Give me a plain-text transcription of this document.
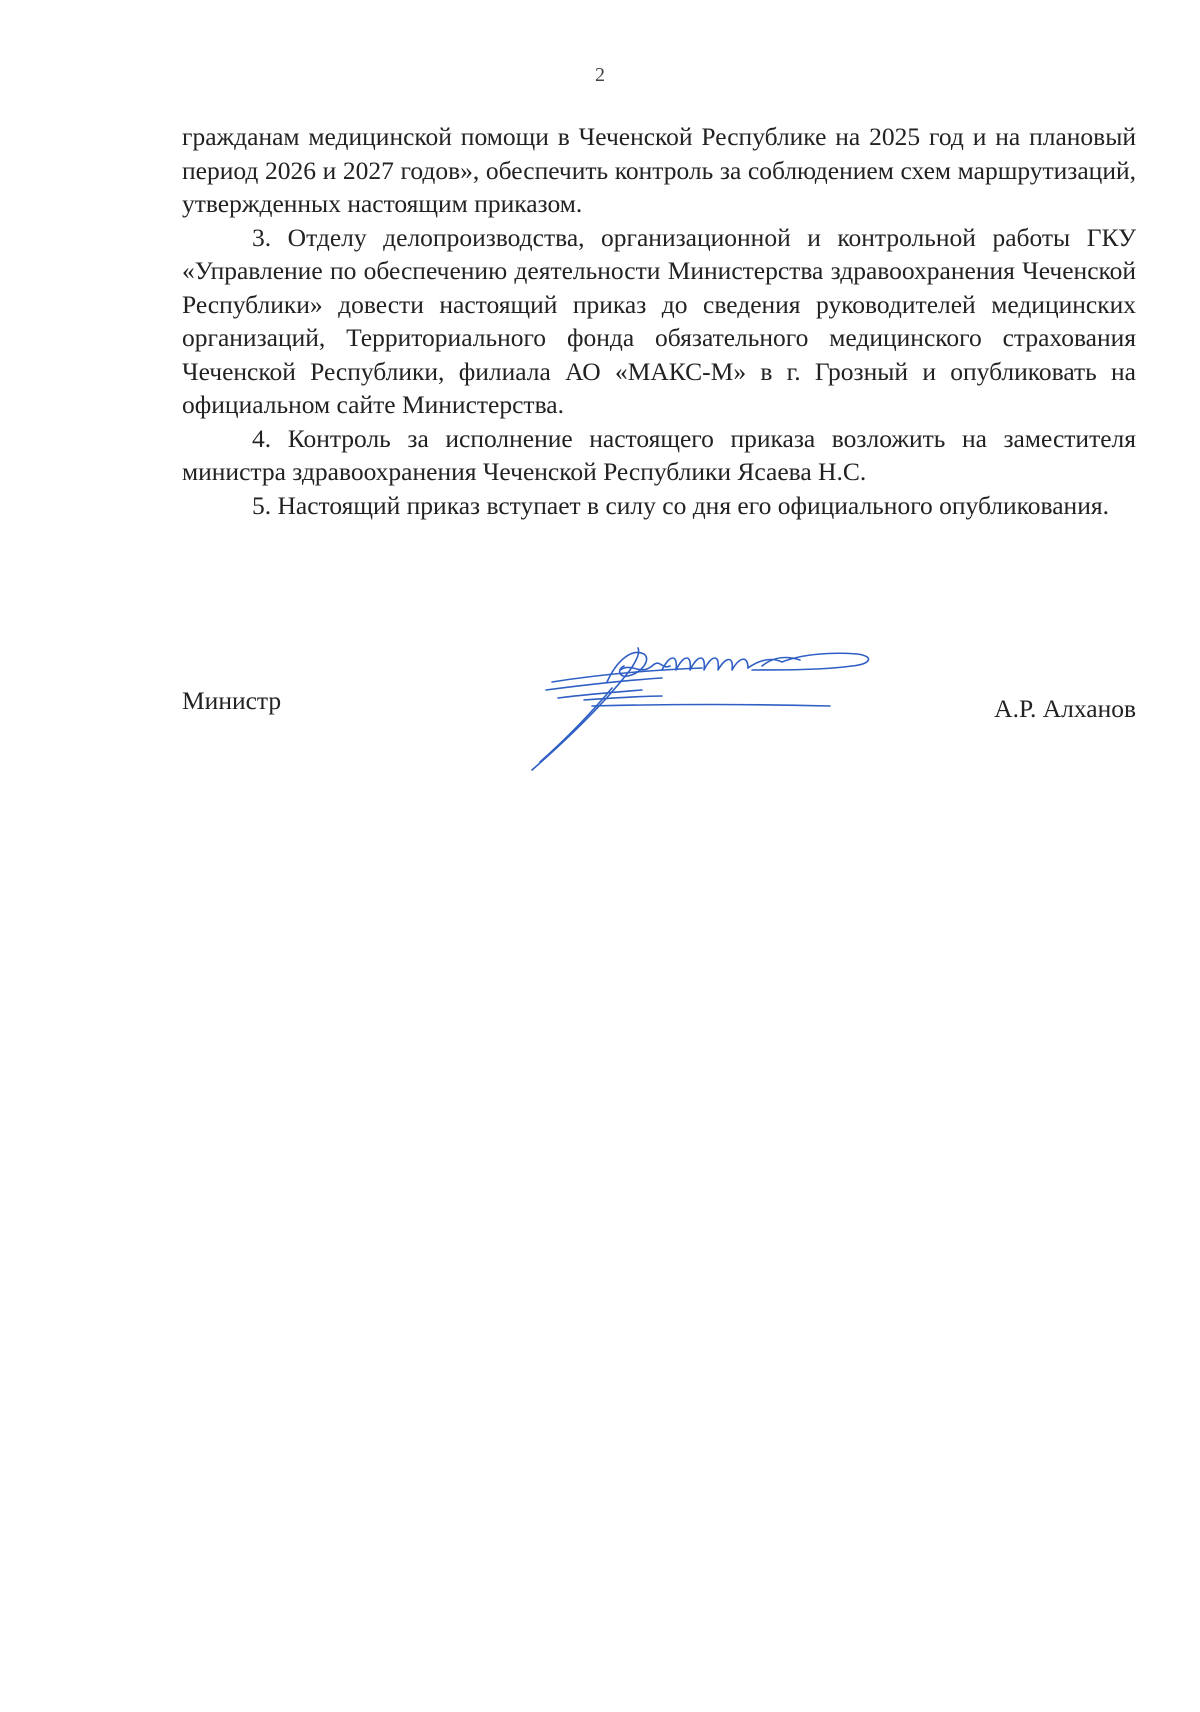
2

гражданам медицинской помощи в Чеченской Республике на 2025 год и на плановый период 2026 и 2027 годов», обеспечить контроль за соблюдением схем маршрутизаций, утвержденных настоящим приказом.

3. Отделу делопроизводства, организационной и контрольной работы ГКУ «Управление по обеспечению деятельности Министерства здравоохранения Чеченской Республики» довести настоящий приказ до сведения руководителей медицинских организаций, Территориального фонда обязательного медицинского страхования Чеченской Республики, филиала АО «МАКС-М» в г. Грозный и опубликовать на официальном сайте Министерства.

4. Контроль за исполнение настоящего приказа возложить на заместителя министра здравоохранения Чеченской Республики Ясаева Н.С.

5. Настоящий приказ вступает в силу со дня его официального опубликования.

Министр	А.Р. Алханов
